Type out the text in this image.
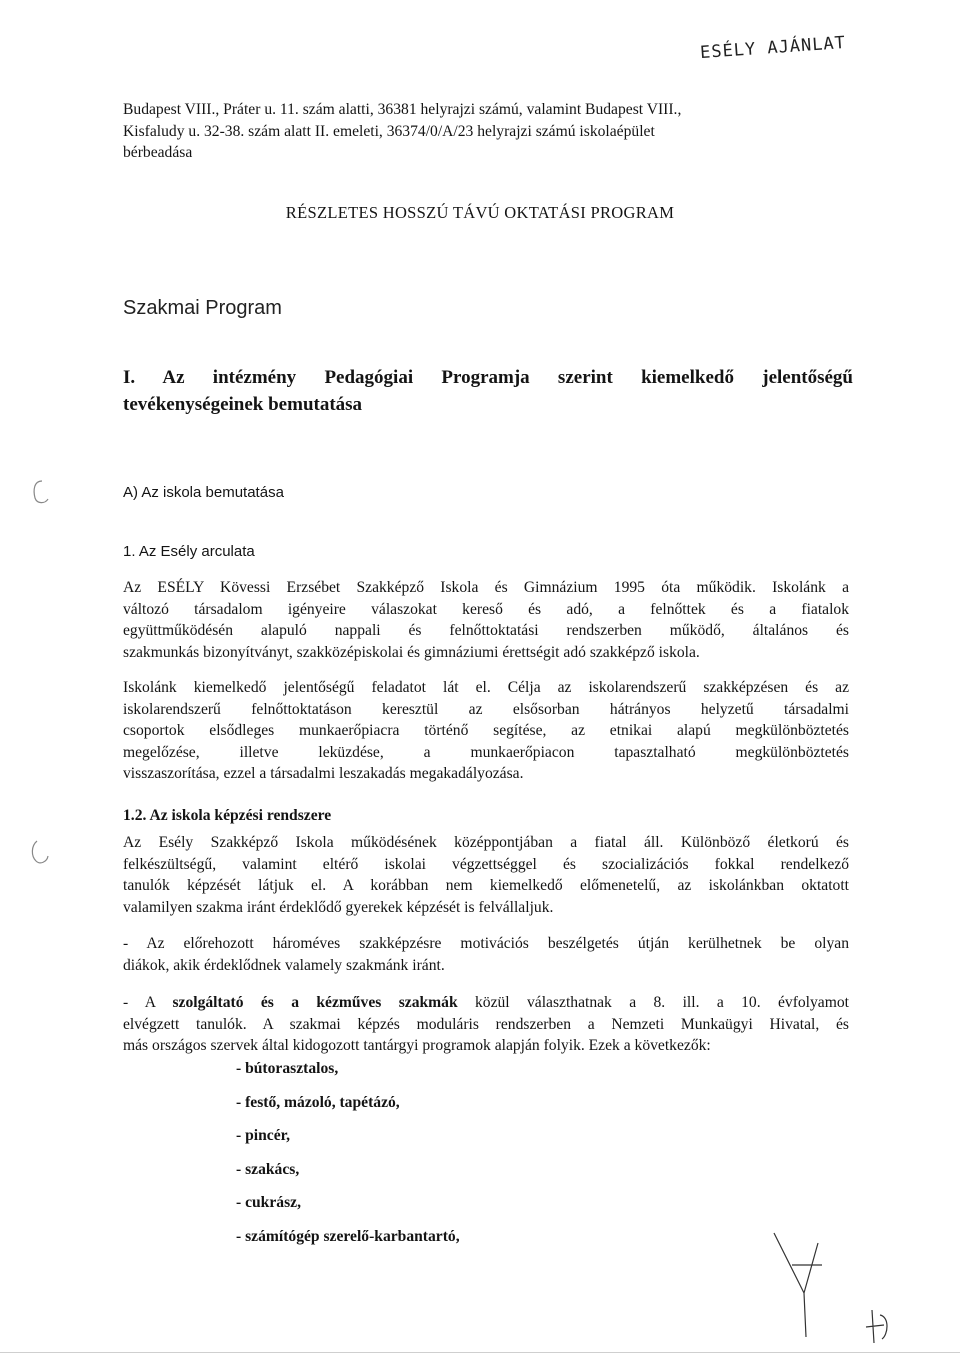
ESÉLY AJÁNLAT
Budapest VIII., Práter u. 11. szám alatti, 36381 helyrajzi számú, valamint Budapest VIII.,
Kisfaludy u. 32-38. szám alatt II. emeleti, 36374/0/A/23 helyrajzi számú iskolaépület
bérbeadása
RÉSZLETES HOSSZÚ TÁVÚ OKTATÁSI PROGRAM
Szakmai Program
I. Az intézmény Pedagógiai Programja szerint kiemelkedő jelentőségű
tevékenységeinek bemutatása
A) Az iskola bemutatása
1. Az Esély arculata
Az ESÉLY Kövessi Erzsébet Szakképző Iskola és Gimnázium 1995 óta működik. Iskolánk a
változó társadalom igényeire válaszokat kereső és adó, a felnőttek és a fiatalok
együttműködésén alapuló nappali és felnőttoktatási rendszerben működő, általános és
szakmunkás bizonyítványt, szakközépiskolai és gimnáziumi érettségit adó szakképző iskola.
Iskolánk kiemelkedő jelentőségű feladatot lát el. Célja az iskolarendszerű szakképzésen és az
iskolarendszerű felnőttoktatáson keresztül az elsősorban hátrányos helyzetű társadalmi
csoportok elsődleges munkaerőpiacra történő segítése, az etnikai alapú megkülönböztetés
megelőzése, illetve leküzdése, a munkaerőpiacon tapasztalható megkülönböztetés
visszaszorítása, ezzel a társadalmi leszakadás megakadályozása.
1.2. Az iskola képzési rendszere
Az Esély Szakképző Iskola működésének középpontjában a fiatal áll. Különböző életkorú és
felkészültségű, valamint eltérő iskolai végzettséggel és szocializációs fokkal rendelkező
tanulók képzését látjuk el. A korábban nem kiemelkedő előmenetelű, az iskolánkban oktatott
valamilyen szakma iránt érdeklődő gyerekek képzését is felvállaljuk.
- Az előrehozott hároméves szakképzésre motivációs beszélgetés útján kerülhetnek be olyan
diákok, akik érdeklődnek valamely szakmánk iránt.
- A szolgáltató és a kézműves szakmák közül választhatnak a 8. ill. a 10. évfolyamot
elvégzett tanulók. A szakmai képzés moduláris rendszerben a Nemzeti Munkaügyi Hivatal, és
más országos szervek által kidogozott tantárgyi programok alapján folyik. Ezek a következők:
- bútorasztalos,
- festő, mázoló, tapétázó,
- pincér,
- szakács,
- cukrász,
- számítógép szerelő-karbantartó,
